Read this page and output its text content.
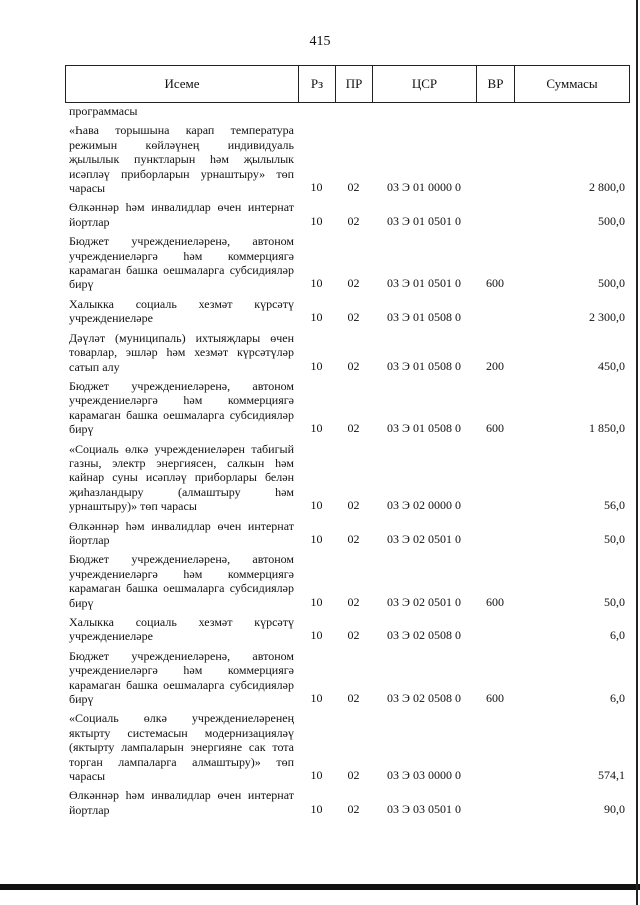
415
Исеме	Рз	ПР	ЦСР	ВР	Суммасы
программасы					
«Һава торышына карап температура режимын көйләүнең индивидуаль җылылык пунктларын һәм җылылык исәпләү приборларын урнаштыру» төп чарасы	10	02	03 Э 01 0000 0		2 800,0
Өлкәннәр һәм инвалидлар өчен интернат йортлар	10	02	03 Э 01 0501 0		500,0
Бюджет учреждениеләренә, автоном учреждениеләргә һәм коммерциягә карамаган башка оешмаларга субсидияләр бирү	10	02	03 Э 01 0501 0	600	500,0
Халыкка социаль хезмәт күрсәтү учреждениеләре	10	02	03 Э 01 0508 0		2 300,0
Дәүләт (муниципаль) ихтыяҗлары өчен товарлар, эшләр һәм хезмәт күрсәтүләр сатып алу	10	02	03 Э 01 0508 0	200	450,0
Бюджет учреждениеләренә, автоном учреждениеләргә һәм коммерциягә карамаган башка оешмаларга субсидияләр бирү	10	02	03 Э 01 0508 0	600	1 850,0
«Социаль өлкә учреждениеләрен табигый газны, электр энергиясен, салкын һәм кайнар суны исәпләү приборлары белән җиһазландыру (алмаштыру һәм урнаштыру)» төп чарасы	10	02	03 Э 02 0000 0		56,0
Өлкәннәр һәм инвалидлар өчен интернат йортлар	10	02	03 Э 02 0501 0		50,0
Бюджет учреждениеләренә, автоном учреждениеләргә һәм коммерциягә карамаган башка оешмаларга субсидияләр бирү	10	02	03 Э 02 0501 0	600	50,0
Халыкка социаль хезмәт күрсәтү учреждениеләре	10	02	03 Э 02 0508 0		6,0
Бюджет учреждениеләренә, автоном учреждениеләргә һәм коммерциягә карамаган башка оешмаларга субсидияләр бирү	10	02	03 Э 02 0508 0	600	6,0
«Социаль өлкә учреждениеләренең яктырту системасын модернизацияләү (яктырту лампаларын энергияне сак тота торган лампаларга алмаштыру)» төп чарасы	10	02	03 Э 03 0000 0		574,1
Өлкәннәр һәм инвалидлар өчен интернат йортлар	10	02	03 Э 03 0501 0		90,0
